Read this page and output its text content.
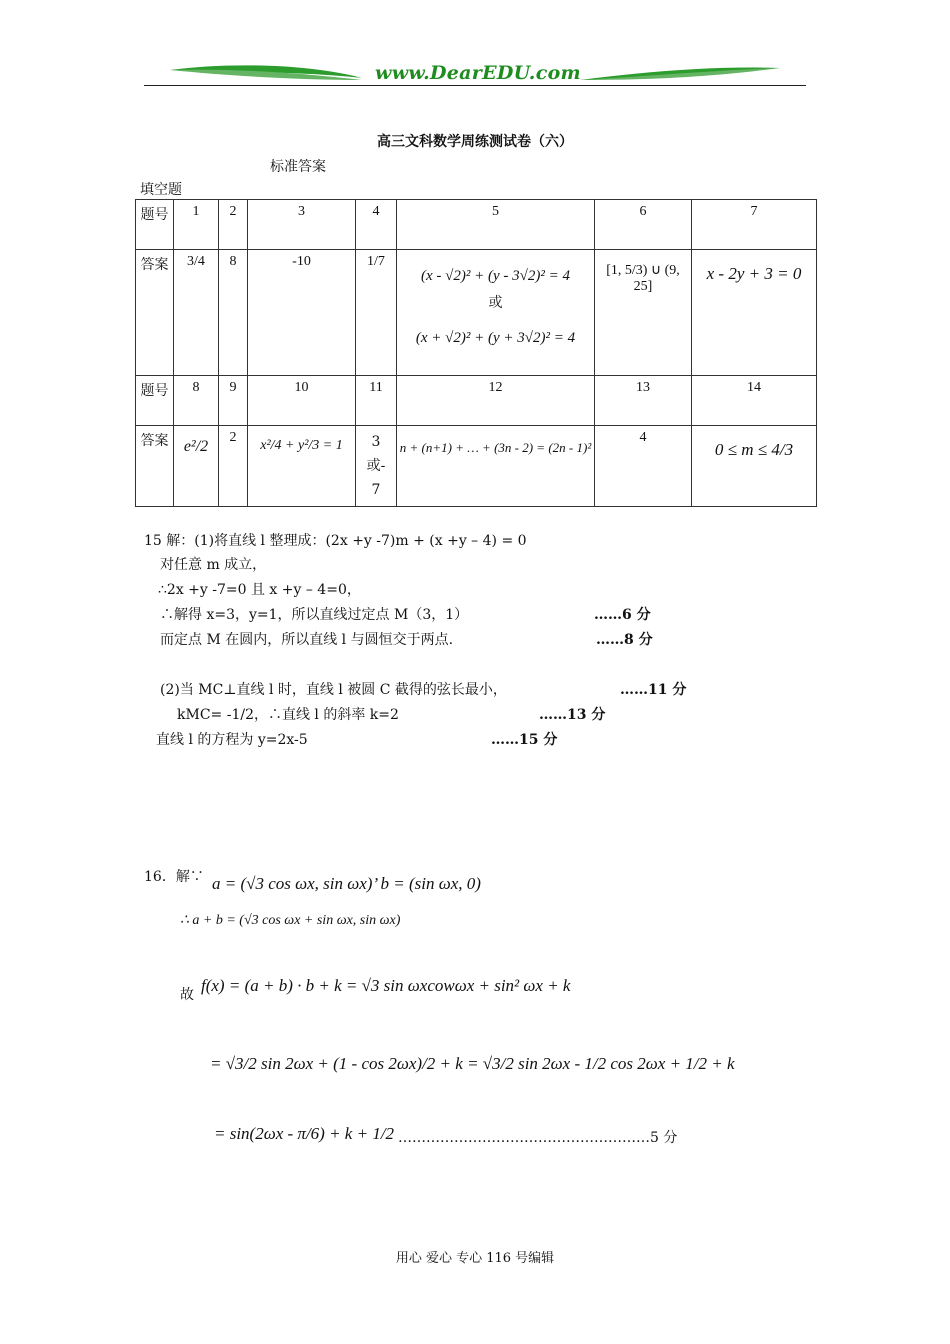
www.DearEDU.com
高三文科数学周练测试卷（六）
标准答案
填空题
题号	1	2	3	4	5	6	7
答案	3/4	8	-10	1/7	(x - √2)² + (y - 3√2)² = 4
或
(x + √2)² + (y + 3√2)² = 4	[1, 5/3) ∪ (9, 25]	x - 2y + 3 = 0
题号	8	9	10	11	12	13	14
答案	e²/2	2	x²/4 + y²/3 = 1	3
或-
7	n + (n+1) + … + (3n - 2) = (2n - 1)²	4	0 ≤ m ≤ 4/3
15 解：(1)将直线 l 整理成：(2x +y -7)m + (x +y – 4) = 0
对任意 m 成立，
∴2x +y -7=0 且 x +y – 4=0，
∴解得 x=3，y=1，所以直线过定点 M（3，1）	……6 分
而定点 M 在圆内，所以直线 l 与圆恒交于两点.	……8 分
(2)当 MC⊥直线 l 时，直线 l 被圆 C 截得的弦长最小，	……11 分
kMC= -1/2，∴直线 l 的斜率 k=2	……13 分
直线 l 的方程为 y=2x-5	……15 分
16．解∵ a = (√3 cos ωx, sin ωx)’ b = (sin ωx, 0)
∴ a + b = (√3 cos ωx + sin ωx, sin ωx)
故 f(x) = (a + b) · b + k = √3 sin ωxcowωx + sin² ωx + k
= √3/2 sin 2ωx + (1 - cos 2ωx)/2 + k = √3/2 sin 2ωx - 1/2 cos 2ωx + 1/2 + k
= sin(2ωx - π/6) + k + 1/2 ………………………………………………5 分
用心 爱心 专心 116 号编辑
